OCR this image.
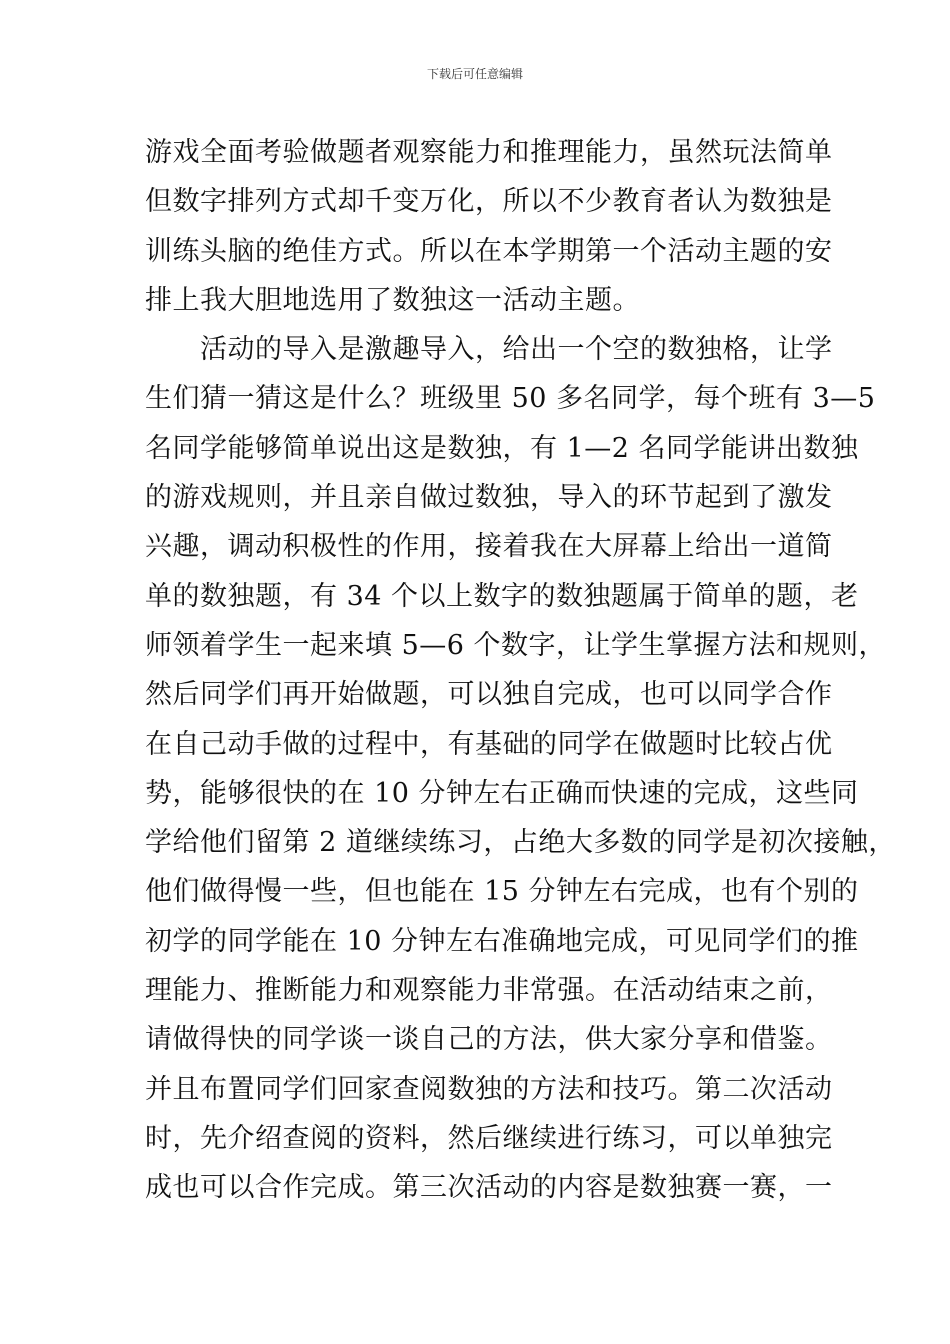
下载后可任意编辑
游戏全面考验做题者观察能力和推理能力，虽然玩法简单
但数字排列方式却千变万化，所以不少教育者认为数独是
训练头脑的绝佳方式。所以在本学期第一个活动主题的安
排上我大胆地选用了数独这一活动主题。
　　活动的导入是激趣导入，给出一个空的数独格，让学
生们猜一猜这是什么？班级里 50 多名同学，每个班有 3—5
名同学能够简单说出这是数独，有 1—2 名同学能讲出数独
的游戏规则，并且亲自做过数独，导入的环节起到了激发
兴趣，调动积极性的作用，接着我在大屏幕上给出一道简
单的数独题，有 34 个以上数字的数独题属于简单的题，老
师领着学生一起来填 5—6 个数字，让学生掌握方法和规则，
然后同学们再开始做题，可以独自完成，也可以同学合作
在自己动手做的过程中，有基础的同学在做题时比较占优
势，能够很快的在 10 分钟左右正确而快速的完成，这些同
学给他们留第 2 道继续练习，占绝大多数的同学是初次接触，
他们做得慢一些，但也能在 15 分钟左右完成，也有个别的
初学的同学能在 10 分钟左右准确地完成，可见同学们的推
理能力、推断能力和观察能力非常强。在活动结束之前，
请做得快的同学谈一谈自己的方法，供大家分享和借鉴。
并且布置同学们回家查阅数独的方法和技巧。第二次活动
时，先介绍查阅的资料，然后继续进行练习，可以单独完
成也可以合作完成。第三次活动的内容是数独赛一赛，一
